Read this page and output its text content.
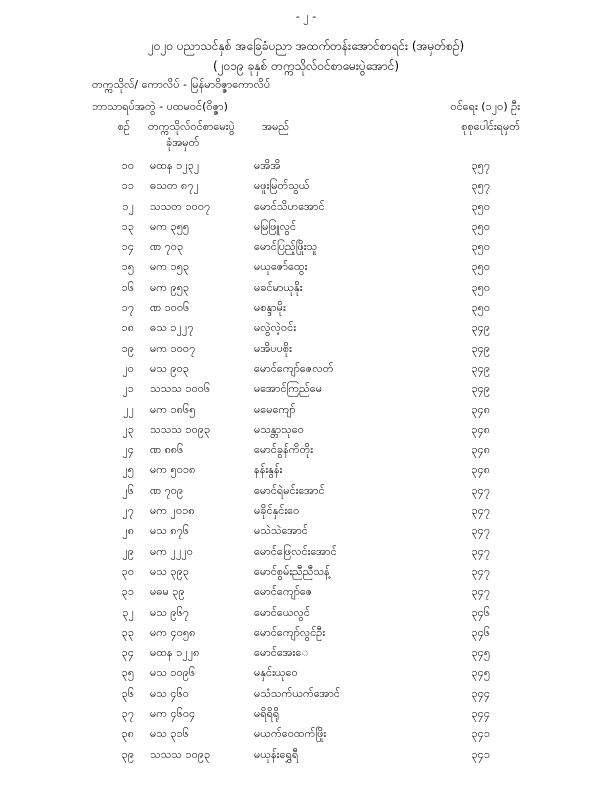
- ၂ -
၂၀၂၀ ပညာသင်နှစ် အခြေခံပညာ အထက်တန်းအောင်စာရင်း (အမှတ်စဉ်)
(၂၀၁၉ ခုနှစ် တက္ကသိုလ်ဝင်စာမေးပွဲအောင်)
တက္ကသိုလ်/ ကောလိပ် - မြန်မာဝိဇ္ဇာကောလိပ်
ဘာသာရပ်အတွဲ - ပထမဝင်(ဝိဇ္ဇာ)	ဝင်ရေး (၁၂၀) ဦး
စဉ် တက္ကသိုလ်ဝင်စာမေးပွဲ
ခုံအမှတ်
အမည်	စုစုပေါင်းရမှတ်
၁၀ မထန ၁၂၃၂	မအိအိ	၃၅၇
၁၁ ဓသတ ၈၇၂	မဖူးမြတ်သွယ်	၃၅၇
၁၂ သသတ ၁၀၀၇	မောင်သိဟအောင်	၃၅၀
၁၃ မက ၃၅၅	မမြဖြူလွင်	၃၅၀
၁၄ ဏ ၇၀၃	မောင်ပြည့်ဖြိုးသူ	၃၅၀
၁၅ မက ၁၅၃	မယုဇော်ထွေး	၃၅၀
၁၆ မက ၉၅၃	မခင်မာယုနိုး	၃၅၀
၁၇ ဏ ၁၀၀၆	မစန္ဒာမိုး	၃၅၀
၁၈ ဓသ ၁၂၂၇	မလွဲလဲ့ဝင်း	၃၄၉
၁၉ မက ၁၀၀၇	မအိပပစိုး	၃၄၉
၂၀ မသ ၉၀၃	မောင်ကျော်ဇေလတ်	၃၄၉
၂၁ သသသ ၁၀၀၆	မအောင်ကြည်မေ	၃၄၉
၂၂ မက ၁၈၆၅	မမေကျော်	၃၄၈
၂၃ သသသ ၁၀၉၃	မသန္တာသုဝေ	၃၄၈
၂၄ ဏ ၈၈၆	မောင်ခွန်ကိတိုး	၃၄၈
၂၅ မက ၅၀၁၈	နန်းနွန်း	၃၄၈
၂၆ ဏ ၇၀၉	မောင်ရဲမင်းအောင်	၃၄၇
၂၇ မက ၂၀၁၈	မခိုင်နှင်းဝေ	၃၄၇
၂၈ မသ ၈၇၆	မသဲသဲအောင်	၃၄၇
၂၉ မက ၂၂၂၀	မောင်ဖြေလင်းအောင်	၃၄၇
၃၀ မသ ၃၉၃	မောင်စွမ်းညီညီသန့်	၃၄၇
၃၁ မဓမ ၃၉	မောင်ကျော်ဇေ	၃၄၇
၃၂ မသ ၉၆၇	မောင်ယေလွင်	၃၄၆
၃၃ မက ၄၀၅၈	မောင်ကျော်လွင်ဦး	၃၄၆
၃၄ မထန ၁၂၂၈	မောင်အေးေ	၃၄၅
၃၅ မသ ၁၀၉၆	မနှင်းယုဝေ	၃၄၅
၃၆ မသ ၄၆၀	မသံသက်ယက်အောင်	၃၄၄
၃၇ မက ၄၆၀၄	မရိရိရို	၃၄၄
၃၈ မသ ၃၁၆	မယက်ဝေထက်ဖြိုး	၃၄၁
၃၉ သသသ ၁၀၉၃	မယုန်းရွှေရီ	၃၄၁
